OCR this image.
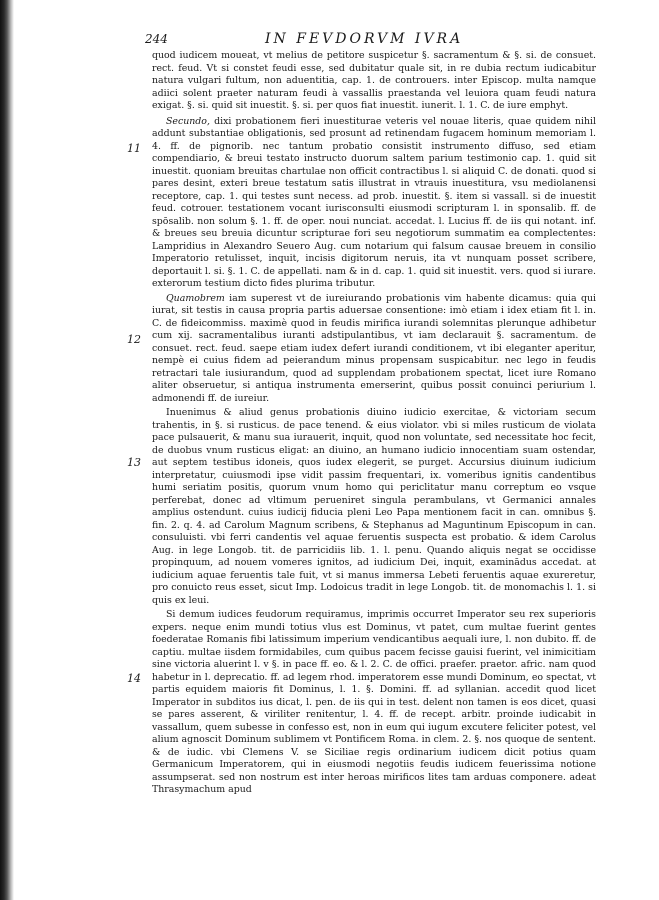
244	IN FEVDORVM IVRA
11
12
13
14

quod iudicem moueat, vt melius de petitore suspicetur §. sacramentum & §. si. de consuet. rect. feud. Vt si constet feudi esse, sed dubitatur quale sit, in re dubia rectum iudicabitur natura vulgari fultum, non aduentitia, cap. 1. de controuers. inter Episcop. multa namque adiici solent praeter naturam feudi à vassallis praestanda vel leuiora quam feudi natura exigat. §. si. quid sit inuestit. §. si. per quos fiat inuestit. iunerit. l. 1. C. de iure emphyt.

Secundo, dixi probationem fieri inuestiturae veteris vel nouae literis, quae quidem nihil addunt substantiae obligationis, sed prosunt ad retinendam fugacem hominum memoriam l. 4. ff. de pignorib. nec tantum probatio consistit instrumento diffuso, sed etiam compendiario, & breui testato instructo duorum saltem parium testimonio cap. 1. quid sit inuestit. quoniam breuitas chartulae non officit contractibus l. si aliquid C. de donati. quod si pares desint, exteri breue testatum satis illustrat in vtrauis inuestitura, vsu mediolanensi receptore, cap. 1. qui testes sunt necess. ad prob. inuestit. §. item si vassall. si de inuestit feud. cotrouer. testationem vocant iurisconsulti eiusmodi scripturam l. in sponsalib. ff. de spōsalib. non solum §. 1. ff. de oper. noui nunciat. accedat. l. Lucius ff. de iis qui notant. inf. & breues seu breuia dicuntur scripturae fori seu negotiorum summatim ea complectentes: Lampridius in Alexandro Seuero Aug. cum notarium qui falsum causae breuem in consilio Imperatorio retulisset, inquit, incisis digitorum neruis, ita vt nunquam posset scribere, deportauit l. si. §. 1. C. de appellati. nam & in d. cap. 1. quid sit inuestit. vers. quod si iurare. exterorum testium dicto fides plurima tributur.

Quamobrem iam superest vt de iureiurando probationis vim habente dicamus: quia qui iurat, sit testis in causa propria partis aduersae consentione: imò etiam i idex etiam fit l. in. C. de fideicommiss. maximè quod in feudis mirifica iurandi solemnitas plerunque adhibetur cum xij. sacramentalibus iuranti adstipulantibus, vt iam declarauit §. sacramentum. de consuet. rect. feud. saepe etiam iudex defert iurandi conditionem, vt ibi eleganter aperitur, nempè ei cuius fidem ad peierandum minus propensam suspicabitur. nec lego in feudis retractari tale iusiurandum, quod ad supplendam probationem spectat, licet iure Romano aliter obseruetur, si antiqua instrumenta emerserint, quibus possit conuinci periurium l. admonendi ff. de iureiur.

Inuenimus & aliud genus probationis diuino iudicio exercitae, & victoriam secum trahentis, in §. si rusticus. de pace tenend. & eius violator. vbi si miles rusticum de violata pace pulsauerit, & manu sua iurauerit, inquit, quod non voluntate, sed necessitate hoc fecit, de duobus vnum rusticus eligat: an diuino, an humano iudicio innocentiam suam ostendar, aut septem testibus idoneis, quos iudex elegerit, se purget. Accursius diuinum iudicium interpretatur, cuiusmodi ipse vidit passim frequentari, ix. vomeribus ignitis candentibus humi seriatim positis, quorum vnum homo qui periclitatur manu correptum eo vsque perferebat, donec ad vltimum perueniret singula perambulans, vt Germanici annales amplius ostendunt. cuius iudicij fiducia pleni Leo Papa mentionem facit in can. omnibus §. fin. 2. q. 4. ad Carolum Magnum scribens, & Stephanus ad Maguntinum Episcopum in can. consuluisti. vbi ferri candentis vel aquae feruentis suspecta est probatio. & idem Carolus Aug. in lege Longob. tit. de parricidiis lib. 1. l. penu. Quando aliquis negat se occidisse propinquum, ad nouem vomeres ignitos, ad iudicium Dei, inquit, examinādus accedat. at iudicium aquae feruentis tale fuit, vt si manus immersa Lebeti feruentis aquae exureretur, pro conuicto reus esset, sicut Imp. Lodoicus tradit in lege Longob. tit. de monomachis l. 1. si quis ex leui.

Si demum iudices feudorum requiramus, imprimis occurret Imperator seu rex superioris expers. neque enim mundi totius vlus est Dominus, vt patet, cum multae fuerint gentes foederatae Romanis fibi latissimum imperium vendicantibus aequali iure, l. non dubito. ff. de captiu. multae iisdem formidabiles, cum quibus pacem fecisse gauisi fuerint, vel inimicitiam sine victoria aluerint l. v §. in pace ff. eo. & l. 2. C. de offici. praefer. praetor. afric. nam quod habetur in l. deprecatio. ff. ad legem rhod. imperatorem esse mundi Dominum, eo spectat, vt partis equidem maioris fit Dominus, l. 1. §. Domini. ff. ad syllanian. accedit quod licet Imperator in subditos ius dicat, l. pen. de iis qui in test. delent non tamen is eos dicet, quasi se pares asserent, & viriliter renitentur, l. 4. ff. de recept. arbitr. proinde iudicabit in vassallum, quem subesse in confesso est, non in eum qui iugum excutere feliciter potest, vel alium agnoscit Dominum sublimem vt Pontificem Roma. in clem. 2. §. nos quoque de sentent. & de iudic. vbi Clemens V. se Siciliae regis ordinarium iudicem dicit potius quam Germanicum Imperatorem, qui in eiusmodi negotiis feudis iudicem feuerissima notione assumpserat. sed non nostrum est inter heroas mirificos lites tam arduas componere. adeat Thrasymachum apud
